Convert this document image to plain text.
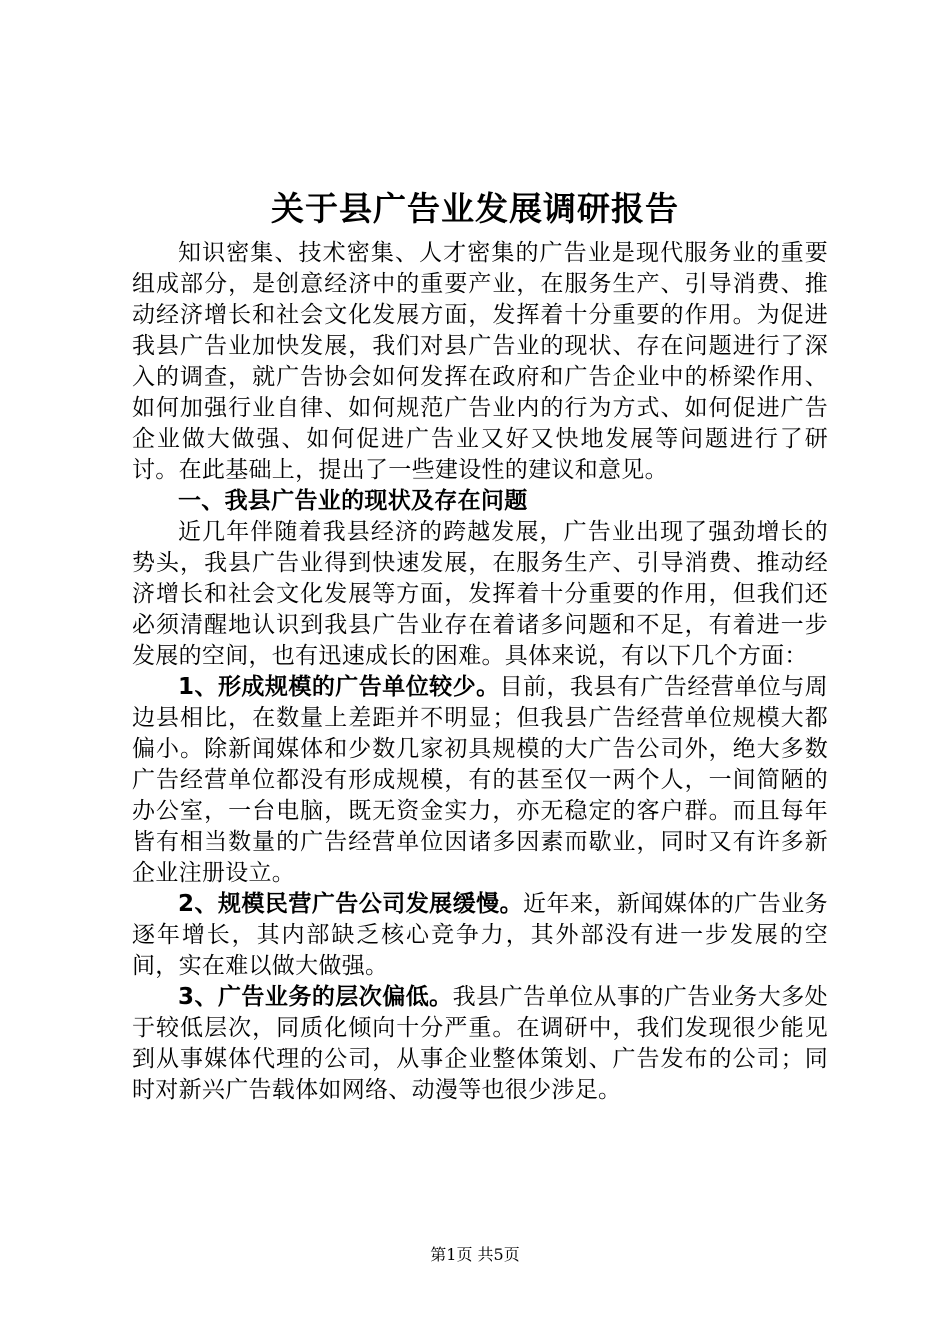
关于县广告业发展调研报告

知识密集、技术密集、人才密集的广告业是现代服务业的重要组成部分，是创意经济中的重要产业，在服务生产、引导消费、推动经济增长和社会文化发展方面，发挥着十分重要的作用。为促进我县广告业加快发展，我们对县广告业的现状、存在问题进行了深入的调查，就广告协会如何发挥在政府和广告企业中的桥梁作用、如何加强行业自律、如何规范广告业内的行为方式、如何促进广告企业做大做强、如何促进广告业又好又快地发展等问题进行了研讨。在此基础上，提出了一些建设性的建议和意见。

一、我县广告业的现状及存在问题

近几年伴随着我县经济的跨越发展，广告业出现了强劲增长的势头，我县广告业得到快速发展，在服务生产、引导消费、推动经济增长和社会文化发展等方面，发挥着十分重要的作用，但我们还必须清醒地认识到我县广告业存在着诸多问题和不足，有着进一步发展的空间，也有迅速成长的困难。具体来说，有以下几个方面：

1、形成规模的广告单位较少。目前，我县有广告经营单位与周边县相比，在数量上差距并不明显；但我县广告经营单位规模大都偏小。除新闻媒体和少数几家初具规模的大广告公司外，绝大多数广告经营单位都没有形成规模，有的甚至仅一两个人，一间简陋的办公室，一台电脑，既无资金实力，亦无稳定的客户群。而且每年皆有相当数量的广告经营单位因诸多因素而歇业，同时又有许多新企业注册设立。

2、规模民营广告公司发展缓慢。近年来，新闻媒体的广告业务逐年增长，其内部缺乏核心竞争力，其外部没有进一步发展的空间，实在难以做大做强。

3、广告业务的层次偏低。我县广告单位从事的广告业务大多处于较低层次，同质化倾向十分严重。在调研中，我们发现很少能见到从事媒体代理的公司，从事企业整体策划、广告发布的公司；同时对新兴广告载体如网络、动漫等也很少涉足。

第1页 共5页
